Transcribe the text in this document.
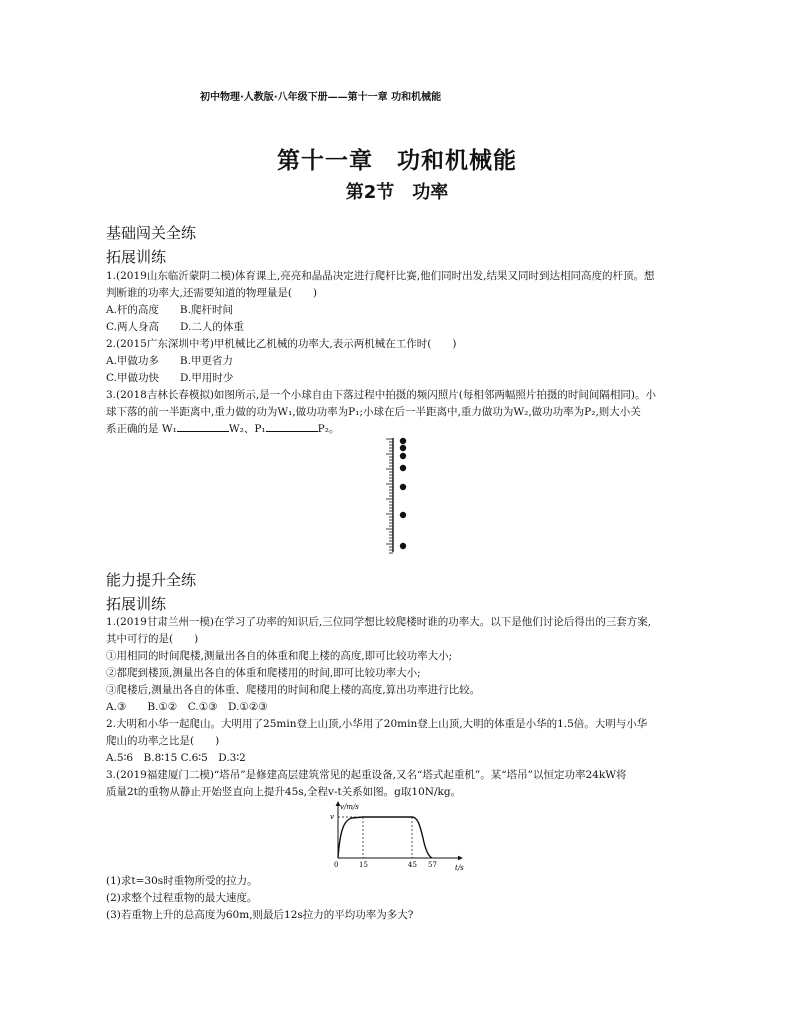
初中物理·人教版·八年级下册——第十一章 功和机械能
第十一章　功和机械能
第2节　功率
基础闯关全练
拓展训练
1.(2019山东临沂蒙阴二模)体育课上,亮亮和晶晶决定进行爬杆比赛,他们同时出发,结果又同时到达相同高度的杆顶。想
判断谁的功率大,还需要知道的物理量是(　　)
A.杆的高度　　B.爬杆时间
C.两人身高　　D.二人的体重
2.(2015广东深圳中考)甲机械比乙机械的功率大,表示两机械在工作时(　　)
A.甲做功多　　B.甲更省力
C.甲做功快　　D.甲用时少
3.(2018吉林长春模拟)如图所示,是一个小球自由下落过程中拍摄的频闪照片(每相邻两幅照片拍摄的时间间隔相同)。小
球下落的前一半距离中,重力做的功为W₁,做功功率为P₁;小球在后一半距离中,重力做功为W₂,做功功率为P₂,则大小关
系正确的是 W₁	W₂、P₁	P₂。
能力提升全练
拓展训练
1.(2019甘肃兰州一模)在学习了功率的知识后,三位同学想比较爬楼时谁的功率大。以下是他们讨论后得出的三套方案,
其中可行的是(　　)
①用相同的时间爬楼,测量出各自的体重和爬上楼的高度,即可比较功率大小;
②都爬到楼顶,测量出各自的体重和爬楼用的时间,即可比较功率大小;
③爬楼后,测量出各自的体重、爬楼用的时间和爬上楼的高度,算出功率进行比较。
A.③　　B.①②　C.①③　D.①②③
2.大明和小华一起爬山。大明用了25min登上山顶,小华用了20min登上山顶,大明的体重是小华的1.5倍。大明与小华
爬山的功率之比是(　　)
A.5∶6　B.8∶15 C.6∶5　D.3∶2
3.(2019福建厦门二模)“塔吊”是修建高层建筑常见的起重设备,又名“塔式起重机”。某“塔吊”以恒定功率24kW将
质量2t的重物从静止开始竖直向上提升45s,全程v-t关系如图。g取10N/kg。
v/m/s
v
0	15	45 57	t/s
(1)求t=30s时重物所受的拉力。
(2)求整个过程重物的最大速度。
(3)若重物上升的总高度为60m,则最后12s拉力的平均功率为多大?
